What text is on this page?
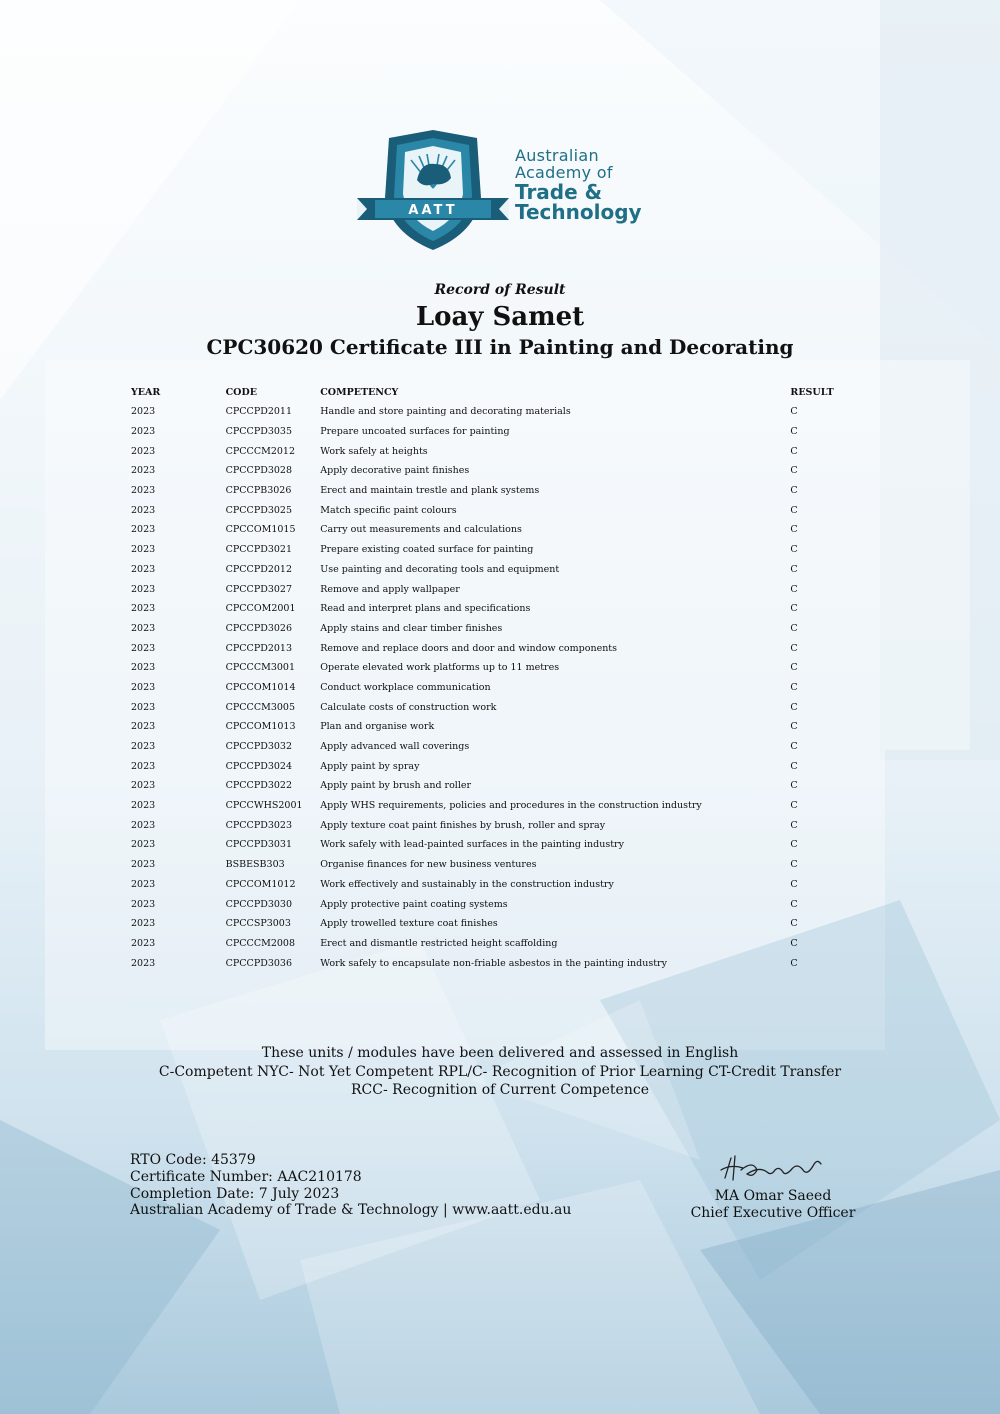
AATT
Australian
Academy of
Trade &
Technology
Record of Result
Loay Samet
CPC30620 Certificate III in Painting and Decorating
YEAR	CODE	COMPETENCY	RESULT
2023	CPCCPD2011	Handle and store painting and decorating materials	C
2023	CPCCPD3035	Prepare uncoated surfaces for painting	C
2023	CPCCCM2012	Work safely at heights	C
2023	CPCCPD3028	Apply decorative paint finishes	C
2023	CPCCPB3026	Erect and maintain trestle and plank systems	C
2023	CPCCPD3025	Match specific paint colours	C
2023	CPCCOM1015	Carry out measurements and calculations	C
2023	CPCCPD3021	Prepare existing coated surface for painting	C
2023	CPCCPD2012	Use painting and decorating tools and equipment	C
2023	CPCCPD3027	Remove and apply wallpaper	C
2023	CPCCOM2001	Read and interpret plans and specifications	C
2023	CPCCPD3026	Apply stains and clear timber finishes	C
2023	CPCCPD2013	Remove and replace doors and door and window components	C
2023	CPCCCM3001	Operate elevated work platforms up to 11 metres	C
2023	CPCCOM1014	Conduct workplace communication	C
2023	CPCCCM3005	Calculate costs of construction work	C
2023	CPCCOM1013	Plan and organise work	C
2023	CPCCPD3032	Apply advanced wall coverings	C
2023	CPCCPD3024	Apply paint by spray	C
2023	CPCCPD3022	Apply paint by brush and roller	C
2023	CPCCWHS2001	Apply WHS requirements, policies and procedures in the construction industry	C
2023	CPCCPD3023	Apply texture coat paint finishes by brush, roller and spray	C
2023	CPCCPD3031	Work safely with lead-painted surfaces in the painting industry	C
2023	BSBESB303	Organise finances for new business ventures	C
2023	CPCCOM1012	Work effectively and sustainably in the construction industry	C
2023	CPCCPD3030	Apply protective paint coating systems	C
2023	CPCCSP3003	Apply trowelled texture coat finishes	C
2023	CPCCCM2008	Erect and dismantle restricted height scaffolding	C
2023	CPCCPD3036	Work safely to encapsulate non-friable asbestos in the painting industry	C
These units / modules have been delivered and assessed in English
C-Competent NYC- Not Yet Competent RPL/C- Recognition of Prior Learning CT-Credit Transfer
RCC- Recognition of Current Competence
RTO Code: 45379
Certificate Number: AAC210178
Completion Date: 7 July 2023
Australian Academy of Trade & Technology | www.aatt.edu.au
MA Omar Saeed
Chief Executive Officer
